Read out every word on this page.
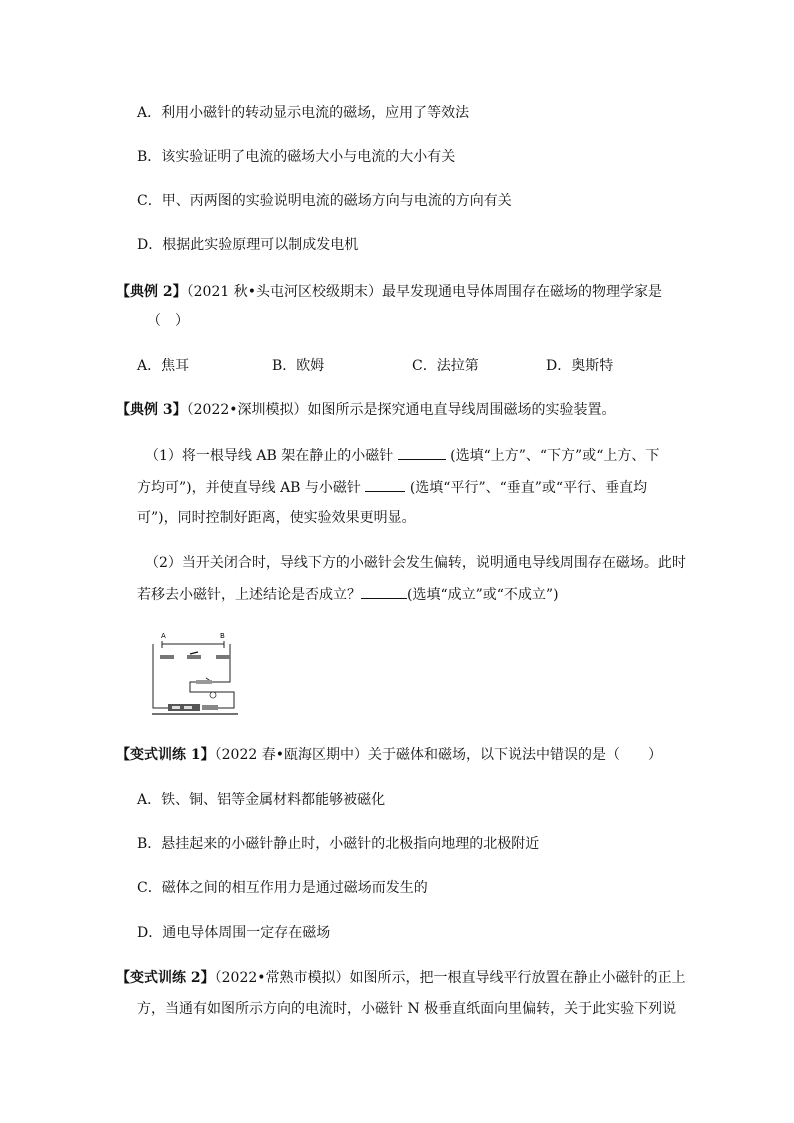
A．利用小磁针的转动显示电流的磁场，应用了等效法
B．该实验证明了电流的磁场大小与电流的大小有关
C．甲、丙两图的实验说明电流的磁场方向与电流的方向有关
D．根据此实验原理可以制成发电机
【典例 2】（2021 秋•头屯河区校级期末）最早发现通电导体周围存在磁场的物理学家是
（　）
A．焦耳	B．欧姆	C．法拉第	D．奥斯特
【典例 3】（2022•深圳模拟）如图所示是探究通电直导线周围磁场的实验装置。
（1）将一根导线 AB 架在静止的小磁针	(选填“上方”、“下方”或“上方、下
方均可”)，并使直导线 AB 与小磁针	(选填“平行”、“垂直”或“平行、垂直均
可”)，同时控制好距离，使实验效果更明显。
（2）当开关闭合时，导线下方的小磁针会发生偏转，说明通电导线周围存在磁场。此时
若移去小磁针，上述结论是否成立？	(选填“成立”或“不成立”)
A	B
【变式训练 1】（2022 春•瓯海区期中）关于磁体和磁场，以下说法中错误的是（　　）
A．铁、铜、铝等金属材料都能够被磁化
B．悬挂起来的小磁针静止时，小磁针的北极指向地理的北极附近
C．磁体之间的相互作用力是通过磁场而发生的
D．通电导体周围一定存在磁场
【变式训练 2】（2022•常熟市模拟）如图所示，把一根直导线平行放置在静止小磁针的正上
方，当通有如图所示方向的电流时，小磁针 N 极垂直纸面向里偏转，关于此实验下列说
